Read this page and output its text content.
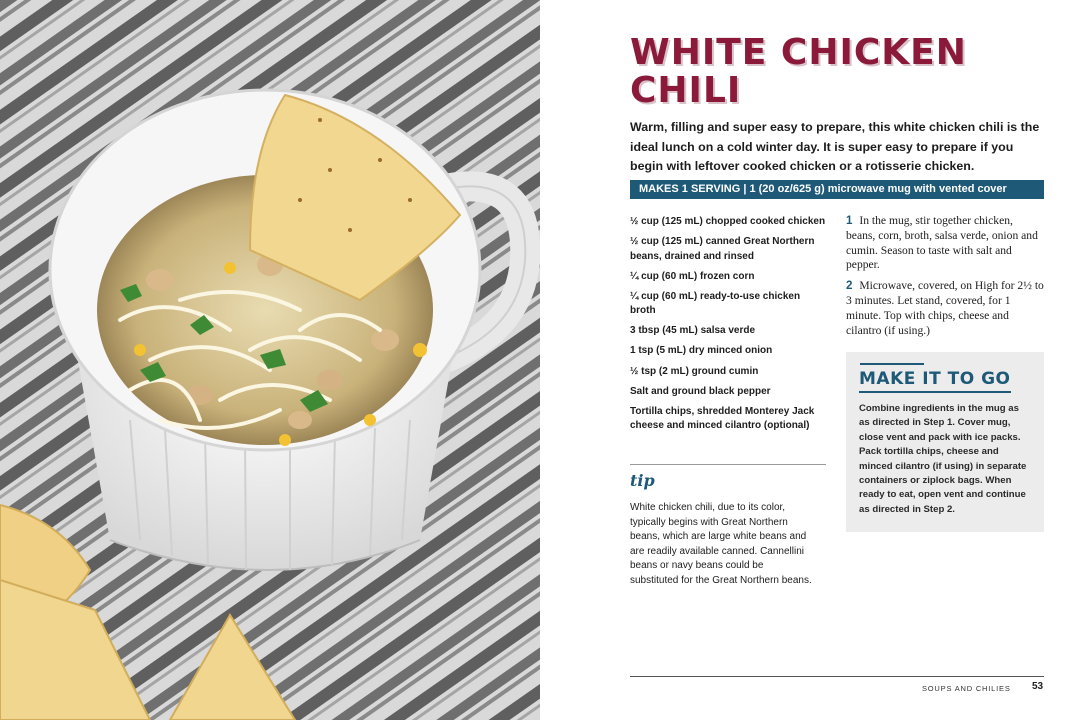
WHITE CHICKEN CHILI

Warm, filling and super easy to prepare, this white chicken chili is the ideal lunch on a cold winter day. It is super easy to prepare if you begin with leftover cooked chicken or a rotisserie chicken.

MAKES 1 SERVING | 1 (20 oz/625 g) microwave mug with vented cover
½ cup (125 mL) chopped cooked chicken
½ cup (125 mL) canned Great Northern beans, drained and rinsed
¼ cup (60 mL) frozen corn
¼ cup (60 mL) ready-to-use chicken broth
3 tbsp (45 mL) salsa verde
1 tsp (5 mL) dry minced onion
½ tsp (2 mL) ground cumin
Salt and ground black pepper
Tortilla chips, shredded Monterey Jack cheese and minced cilantro (optional)
tip

White chicken chili, due to its color, typically begins with Great Northern beans, which are large white beans and are readily available canned. Cannellini beans or navy beans could be substituted for the Great Northern beans.

1 In the mug, stir together chicken, beans, corn, broth, salsa verde, onion and cumin. Season to taste with salt and pepper.
2 Microwave, covered, on High for 2½ to 3 minutes. Let stand, covered, for 1 minute. Top with chips, cheese and cilantro (if using.)
MAKE IT TO GO

Combine ingredients in the mug as as directed in Step 1. Cover mug, close vent and pack with ice packs. Pack tortilla chips, cheese and minced cilantro (if using) in separate containers or ziplock bags. When ready to eat, open vent and continue as directed in Step 2.

SOUPS AND CHILIES 53
